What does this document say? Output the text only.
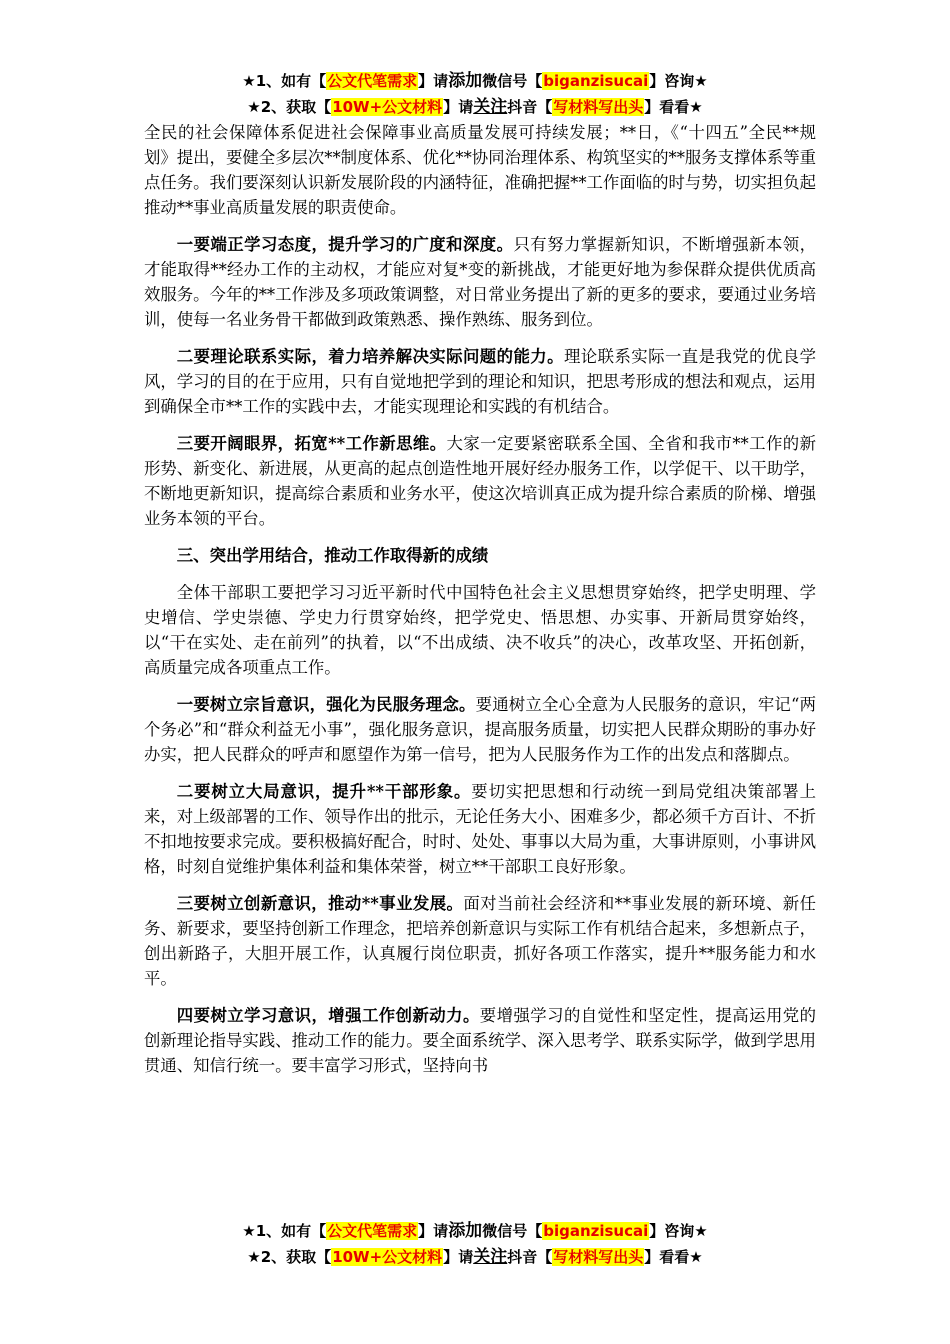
★1、如有【公文代笔需求】请添加微信号【biganzisucai】咨询★
★2、获取【10W+公文材料】请关注抖音【写材料写出头】看看★

全民的社会保障体系促进社会保障事业高质量发展可持续发展；**日，《“十四五”全民**规划》提出，要健全多层次**制度体系、优化**协同治理体系、构筑坚实的**服务支撑体系等重点任务。我们要深刻认识新发展阶段的内涵特征，准确把握**工作面临的时与势，切实担负起推动**事业高质量发展的职责使命。

一要端正学习态度，提升学习的广度和深度。只有努力掌握新知识，不断增强新本领，才能取得**经办工作的主动权，才能应对复*变的新挑战，才能更好地为参保群众提供优质高效服务。今年的**工作涉及多项政策调整，对日常业务提出了新的更多的要求，要通过业务培训，使每一名业务骨干都做到政策熟悉、操作熟练、服务到位。

二要理论联系实际，着力培养解决实际问题的能力。理论联系实际一直是我党的优良学风，学习的目的在于应用，只有自觉地把学到的理论和知识，把思考形成的想法和观点，运用到确保全市**工作的实践中去，才能实现理论和实践的有机结合。

三要开阔眼界，拓宽**工作新思维。大家一定要紧密联系全国、全省和我市**工作的新形势、新变化、新进展，从更高的起点创造性地开展好经办服务工作，以学促干、以干助学，不断地更新知识，提高综合素质和业务水平，使这次培训真正成为提升综合素质的阶梯、增强业务本领的平台。

三、突出学用结合，推动工作取得新的成绩

全体干部职工要把学习习近平新时代中国特色社会主义思想贯穿始终，把学史明理、学史增信、学史崇德、学史力行贯穿始终，把学党史、悟思想、办实事、开新局贯穿始终，以“干在实处、走在前列”的执着，以“不出成绩、决不收兵”的决心，改革攻坚、开拓创新，高质量完成各项重点工作。

一要树立宗旨意识，强化为民服务理念。要通树立全心全意为人民服务的意识，牢记“两个务必”和“群众利益无小事”，强化服务意识，提高服务质量，切实把人民群众期盼的事办好办实，把人民群众的呼声和愿望作为第一信号，把为人民服务作为工作的出发点和落脚点。

二要树立大局意识，提升**干部形象。要切实把思想和行动统一到局党组决策部署上来，对上级部署的工作、领导作出的批示，无论任务大小、困难多少，都必须千方百计、不折不扣地按要求完成。要积极搞好配合，时时、处处、事事以大局为重，大事讲原则，小事讲风格，时刻自觉维护集体利益和集体荣誉，树立**干部职工良好形象。

三要树立创新意识，推动**事业发展。面对当前社会经济和**事业发展的新环境、新任务、新要求，要坚持创新工作理念，把培养创新意识与实际工作有机结合起来，多想新点子，创出新路子，大胆开展工作，认真履行岗位职责，抓好各项工作落实，提升**服务能力和水平。

四要树立学习意识，增强工作创新动力。要增强学习的自觉性和坚定性，提高运用党的创新理论指导实践、推动工作的能力。要全面系统学、深入思考学、联系实际学，做到学思用贯通、知信行统一。要丰富学习形式，坚持向书

★1、如有【公文代笔需求】请添加微信号【biganzisucai】咨询★
★2、获取【10W+公文材料】请关注抖音【写材料写出头】看看★
